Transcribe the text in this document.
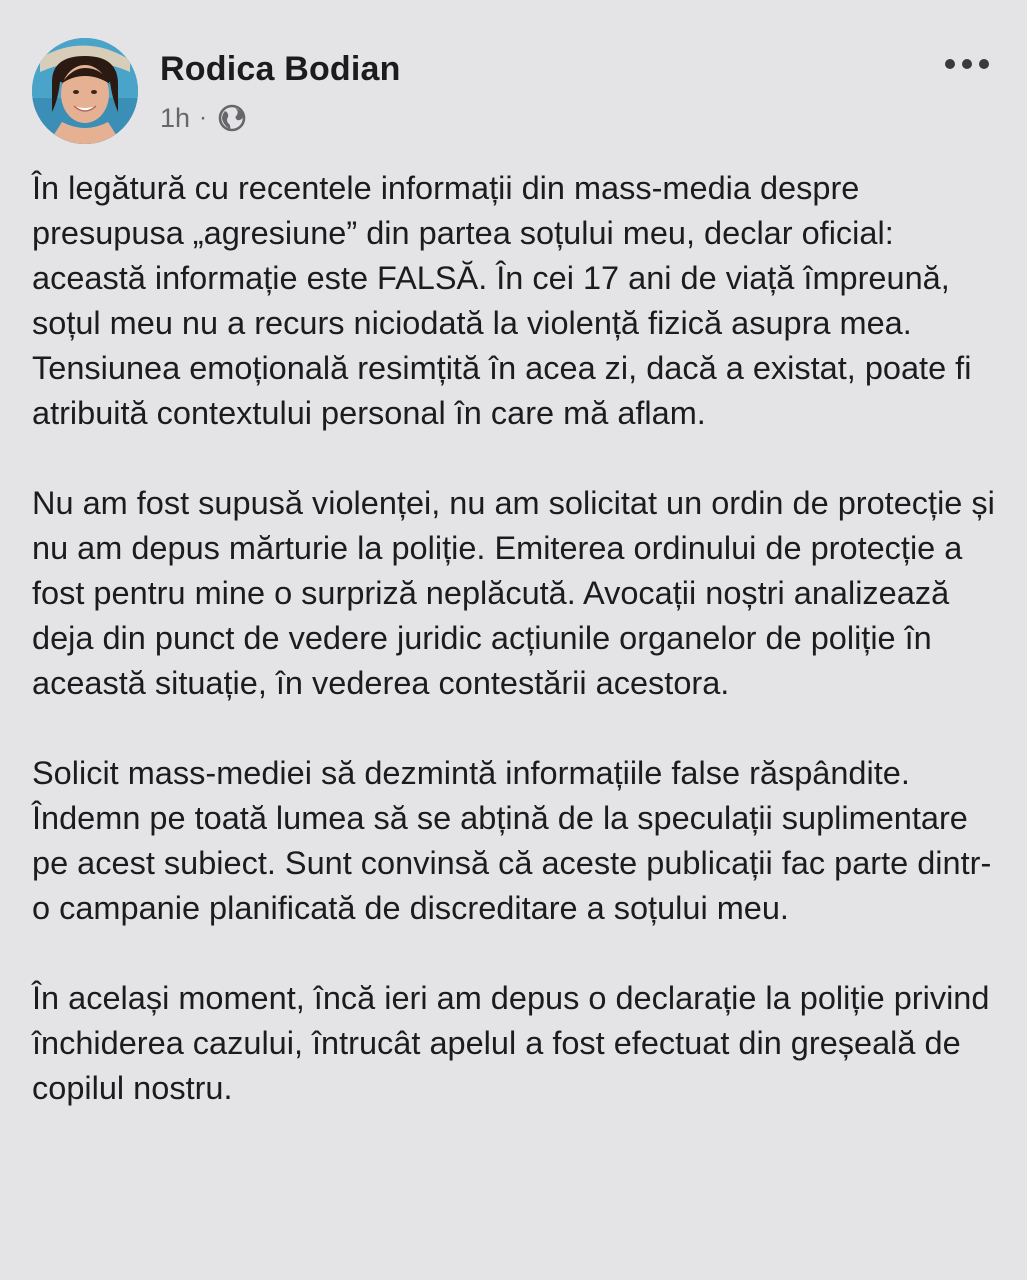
Rodica Bodian
1h ·

În legătură cu recentele informații din mass-media despre presupusa „agresiune” din partea soțului meu, declar oficial: această informație este FALSĂ. În cei 17 ani de viață împreună, soțul meu nu a recurs niciodată la violență fizică asupra mea. Tensiunea emoțională resimțită în acea zi, dacă a existat, poate fi atribuită contextului personal în care mă aflam.

Nu am fost supusă violenței, nu am solicitat un ordin de protecție și nu am depus mărturie la poliție. Emiterea ordinului de protecție a fost pentru mine o surpriză neplăcută. Avocații noștri analizează deja din punct de vedere juridic acțiunile organelor de poliție în această situație, în vederea contestării acestora.

Solicit mass-mediei să dezmintă informațiile false răspândite. Îndemn pe toată lumea să se abțină de la speculații suplimentare pe acest subiect. Sunt convinsă că aceste publicații fac parte dintr-o campanie planificată de discreditare a soțului meu.

În același moment, încă ieri am depus o declarație la poliție privind închiderea cazului, întrucât apelul a fost efectuat din greșeală de copilul nostru.
